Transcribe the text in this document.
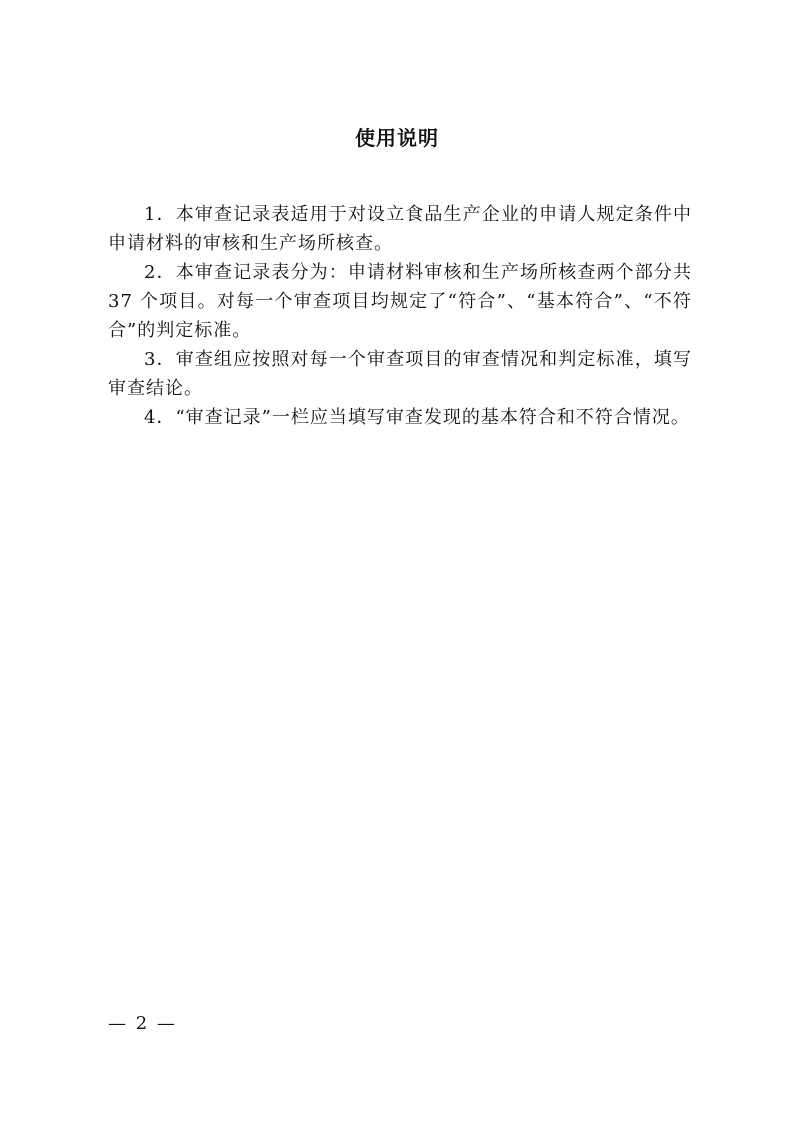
使用说明

1．本审查记录表适用于对设立食品生产企业的申请人规定条件中申请材料的审核和生产场所核查。

2．本审查记录表分为：申请材料审核和生产场所核查两个部分共 37 个项目。对每一个审查项目均规定了“符合”、“基本符合”、“不符合”的判定标准。

3．审查组应按照对每一个审查项目的审查情况和判定标准，填写审查结论。

4．“审查记录”一栏应当填写审查发现的基本符合和不符合情况。

— 2 —
